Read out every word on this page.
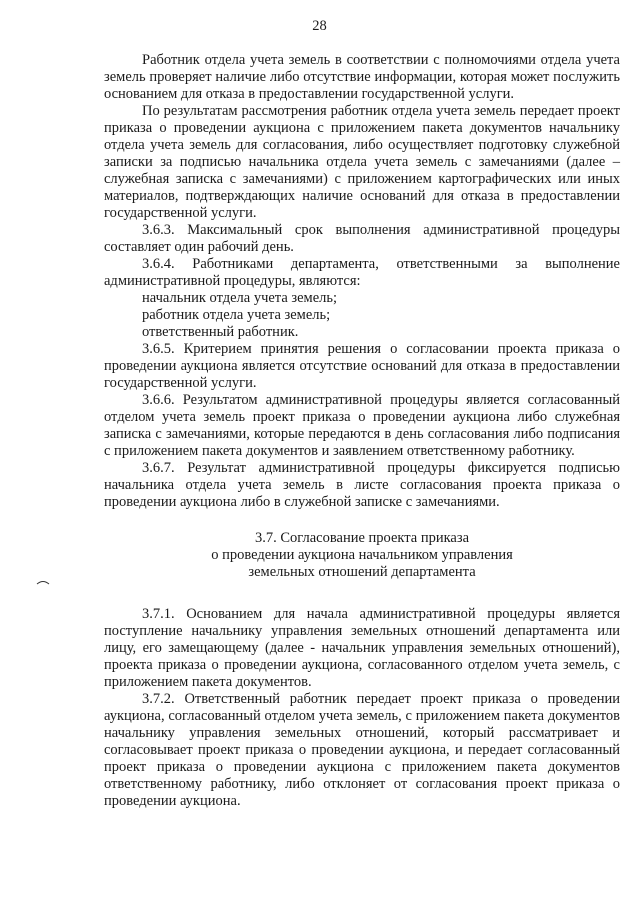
28

Работник отдела учета земель в соответствии с полномочиями отдела учета земель проверяет наличие либо отсутствие информации, которая может послужить основанием для отказа в предоставлении государственной услуги.

По результатам рассмотрения работник отдела учета земель передает проект приказа о проведении аукциона с приложением пакета документов начальнику отдела учета земель для согласования, либо осуществляет подготовку служебной записки за подписью начальника отдела учета земель с замечаниями (далее – служебная записка с замечаниями) с приложением картографических или иных материалов, подтверждающих наличие оснований для отказа в предоставлении государственной услуги.

3.6.3. Максимальный срок выполнения административной процедуры составляет один рабочий день.

3.6.4. Работниками департамента, ответственными за выполнение административной процедуры, являются:

начальник отдела учета земель;

работник отдела учета земель;

ответственный работник.

3.6.5. Критерием принятия решения о согласовании проекта приказа о проведении аукциона является отсутствие оснований для отказа в предоставлении государственной услуги.

3.6.6. Результатом административной процедуры является согласованный отделом учета земель проект приказа о проведении аукциона либо служебная записка с замечаниями, которые передаются в день согласования либо подписания с приложением пакета документов и заявлением ответственному работнику.

3.6.7. Результат административной процедуры фиксируется подписью начальника отдела учета земель в листе согласования проекта приказа о проведении аукциона либо в служебной записке с замечаниями.

3.7. Согласование проекта приказа

о проведении аукциона начальником управления

земельных отношений департамента

3.7.1. Основанием для начала административной процедуры является поступление начальнику управления земельных отношений департамента или лицу, его замещающему (далее - начальник управления земельных отношений), проекта приказа о проведении аукциона, согласованного отделом учета земель, с приложением пакета документов.

3.7.2. Ответственный работник передает проект приказа о проведении аукциона, согласованный отделом учета земель, с приложением пакета документов начальнику управления земельных отношений, который рассматривает и согласовывает проект приказа о проведении аукциона, и передает согласованный проект приказа о проведении аукциона с приложением пакета документов ответственному работнику, либо отклоняет от согласования проект приказа о проведении аукциона.
